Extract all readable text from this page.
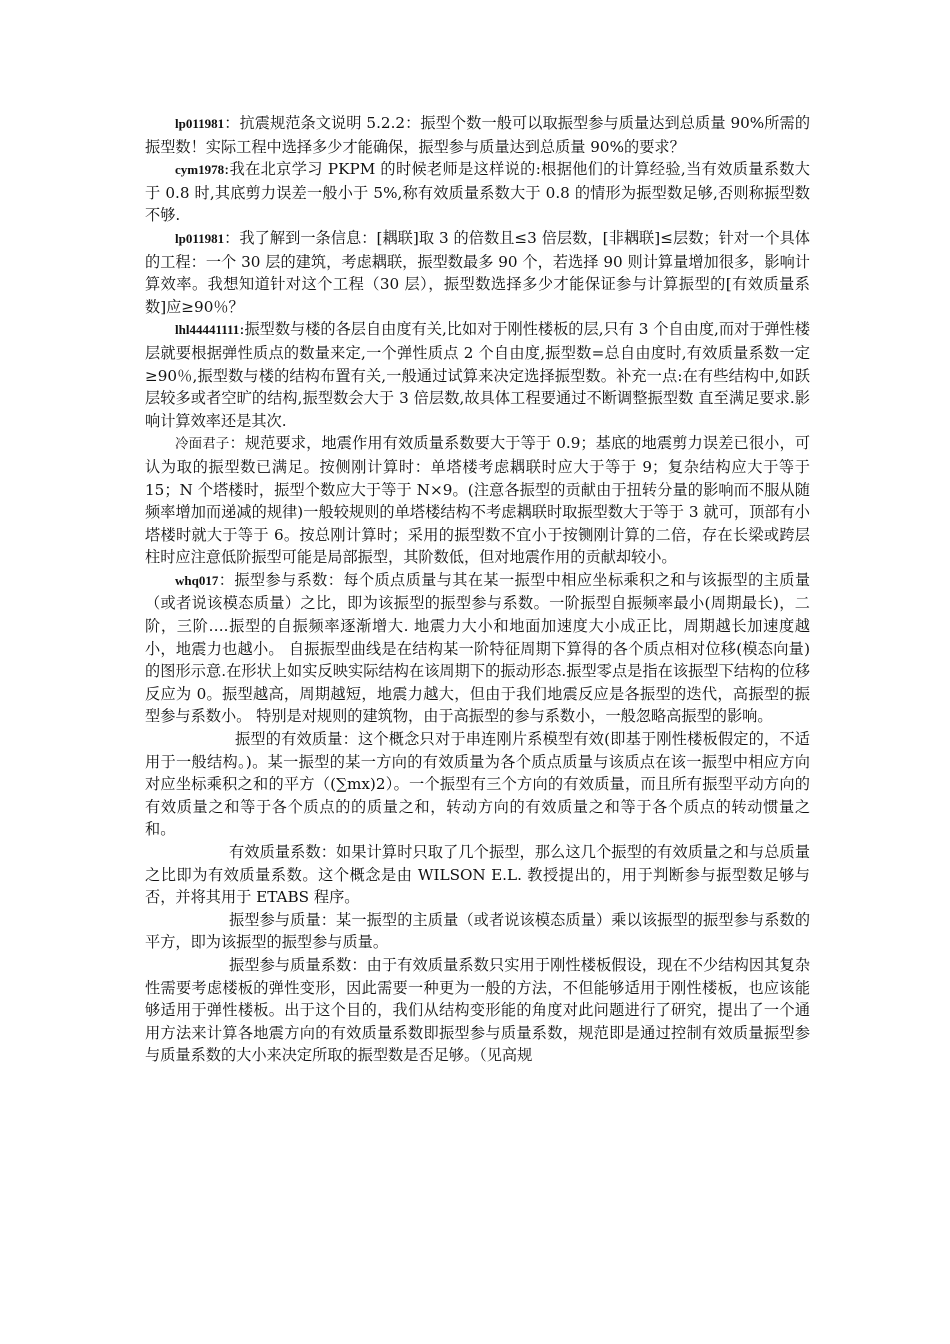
lp011981：抗震规范条文说明 5.2.2：振型个数一般可以取振型参与质量达到总质量 90%所需的振型数！实际工程中选择多少才能确保，振型参与质量达到总质量 90%的要求？

cym1978:我在北京学习 PKPM 的时候老师是这样说的:根据他们的计算经验,当有效质量系数大于 0.8 时,其底剪力误差一般小于 5%,称有效质量系数大于 0.8 的情形为振型数足够,否则称振型数不够.

lp011981：我了解到一条信息：[耦联]取 3 的倍数且≤3 倍层数，[非耦联]≤层数；针对一个具体的工程：一个 30 层的建筑，考虑耦联，振型数最多 90 个，若选择 90 则计算量增加很多，影响计算效率。我想知道针对这个工程（30 层），振型数选择多少才能保证参与计算振型的[有效质量系数]应≥90％？

lhl44441111:振型数与楼的各层自由度有关,比如对于刚性楼板的层,只有 3 个自由度,而对于弹性楼层就要根据弹性质点的数量来定,一个弹性质点 2 个自由度,振型数=总自由度时,有效质量系数一定≥90％,振型数与楼的结构布置有关,一般通过试算来决定选择振型数。补充一点:在有些结构中,如跃层较多或者空旷的结构,振型数会大于 3 倍层数,故具体工程要通过不断调整振型数 直至满足要求.影响计算效率还是其次.

冷面君子：规范要求，地震作用有效质量系数要大于等于 0.9；基底的地震剪力误差已很小，可认为取的振型数已满足。按侧刚计算时：单塔楼考虑耦联时应大于等于 9；复杂结构应大于等于 15；N 个塔楼时，振型个数应大于等于 N×9。(注意各振型的贡献由于扭转分量的影响而不服从随频率增加而递减的规律)一般较规则的单塔楼结构不考虑耦联时取振型数大于等于 3 就可，顶部有小塔楼时就大于等于 6。按总刚计算时；采用的振型数不宜小于按铡刚计算的二倍，存在长梁或跨层柱时应注意低阶振型可能是局部振型，其阶数低，但对地震作用的贡献却较小。

whq017：振型参与系数：每个质点质量与其在某一振型中相应坐标乘积之和与该振型的主质量（或者说该模态质量）之比，即为该振型的振型参与系数。一阶振型自振频率最小(周期最长)，二阶，三阶….振型的自振频率逐渐增大. 地震力大小和地面加速度大小成正比，周期越长加速度越小，地震力也越小。 自振振型曲线是在结构某一阶特征周期下算得的各个质点相对位移(模态向量)的图形示意.在形状上如实反映实际结构在该周期下的振动形态.振型零点是指在该振型下结构的位移反应为 0。振型越高，周期越短，地震力越大，但由于我们地震反应是各振型的迭代，高振型的振型参与系数小。 特别是对规则的建筑物，由于高振型的参与系数小，一般忽略高振型的影响。

振型的有效质量：这个概念只对于串连刚片系模型有效(即基于刚性楼板假定的，不适用于一般结构。)。某一振型的某一方向的有效质量为各个质点质量与该质点在该一振型中相应方向对应坐标乘积之和的平方（(∑mx)2）。一个振型有三个方向的有效质量，而且所有振型平动方向的有效质量之和等于各个质点的的质量之和，转动方向的有效质量之和等于各个质点的转动惯量之和。

有效质量系数：如果计算时只取了几个振型，那么这几个振型的有效质量之和与总质量之比即为有效质量系数。这个概念是由 WILSON E.L. 教授提出的，用于判断参与振型数足够与否，并将其用于 ETABS 程序。

振型参与质量：某一振型的主质量（或者说该模态质量）乘以该振型的振型参与系数的平方，即为该振型的振型参与质量。

振型参与质量系数：由于有效质量系数只实用于刚性楼板假设，现在不少结构因其复杂性需要考虑楼板的弹性变形，因此需要一种更为一般的方法，不但能够适用于刚性楼板，也应该能够适用于弹性楼板。出于这个目的，我们从结构变形能的角度对此问题进行了研究，提出了一个通用方法来计算各地震方向的有效质量系数即振型参与质量系数，规范即是通过控制有效质量振型参与质量系数的大小来决定所取的振型数是否足够。（见高规
